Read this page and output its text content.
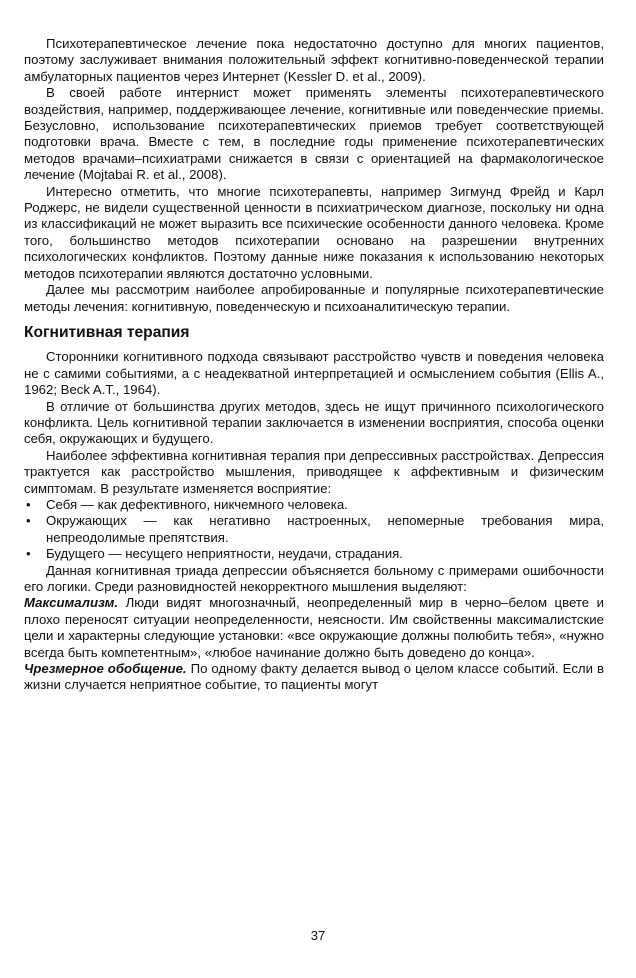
Психотерапевтическое лечение пока недостаточно доступно для многих пациентов, поэтому заслуживает внимания положительный эффект когнитивно-поведенческой терапии амбулаторных пациентов через Интернет (Kessler D. et al., 2009).

В своей работе интернист может применять элементы психотерапевтического воздействия, например, поддерживающее лечение, когнитивные или поведенческие приемы. Безусловно, использование психотерапевтических приемов требует соответствующей подготовки врача. Вместе с тем, в последние годы применение психотерапевтических методов врачами–психиатрами снижается в связи с ориентацией на фармакологическое лечение (Mojtabai R. et al., 2008).

Интересно отметить, что многие психотерапевты, например Зигмунд Фрейд и Карл Роджерс, не видели существенной ценности в психиатрическом диагнозе, поскольку ни одна из классификаций не может выразить все психические особенности данного человека. Кроме того, большинство методов психотерапии основано на разрешении внутренних психологических конфликтов. Поэтому данные ниже показания к использованию некоторых методов психотерапии являются достаточно условными.

Далее мы рассмотрим наиболее апробированные и популярные психотерапевтические методы лечения: когнитивную, поведенческую и психоаналитическую терапии.

Когнитивная терапия

Сторонники когнитивного подхода связывают расстройство чувств и поведения человека не с самими событиями, а с неадекватной интерпретацией и осмыслением события (Ellis A., 1962; Beck A.T., 1964).

В отличие от большинства других методов, здесь не ищут причинного психологического конфликта. Цель когнитивной терапии заключается в изменении восприятия, способа оценки себя, окружающих и будущего.

Наиболее эффективна когнитивная терапия при депрессивных расстройствах. Депрессия трактуется как расстройство мышления, приводящее к аффективным и физическим симптомам. В результате изменяется восприятие:

• Себя — как дефективного, никчемного человека.
• Окружающих — как негативно настроенных, непомерные требования мира, непреодолимые препятствия.
• Будущего — несущего неприятности, неудачи, страдания.

Данная когнитивная триада депрессии объясняется больному с примерами ошибочности его логики. Среди разновидностей некорректного мышления выделяют:

Максимализм. Люди видят многозначный, неопределенный мир в черно–белом цвете и плохо переносят ситуации неопределенности, неясности. Им свойственны максималистские цели и характерны следующие установки: «все окружающие должны полюбить тебя», «нужно всегда быть компетентным», «любое начинание должно быть доведено до конца».

Чрезмерное обобщение. По одному факту делается вывод о целом классе событий. Если в жизни случается неприятное событие, то пациенты могут

37
